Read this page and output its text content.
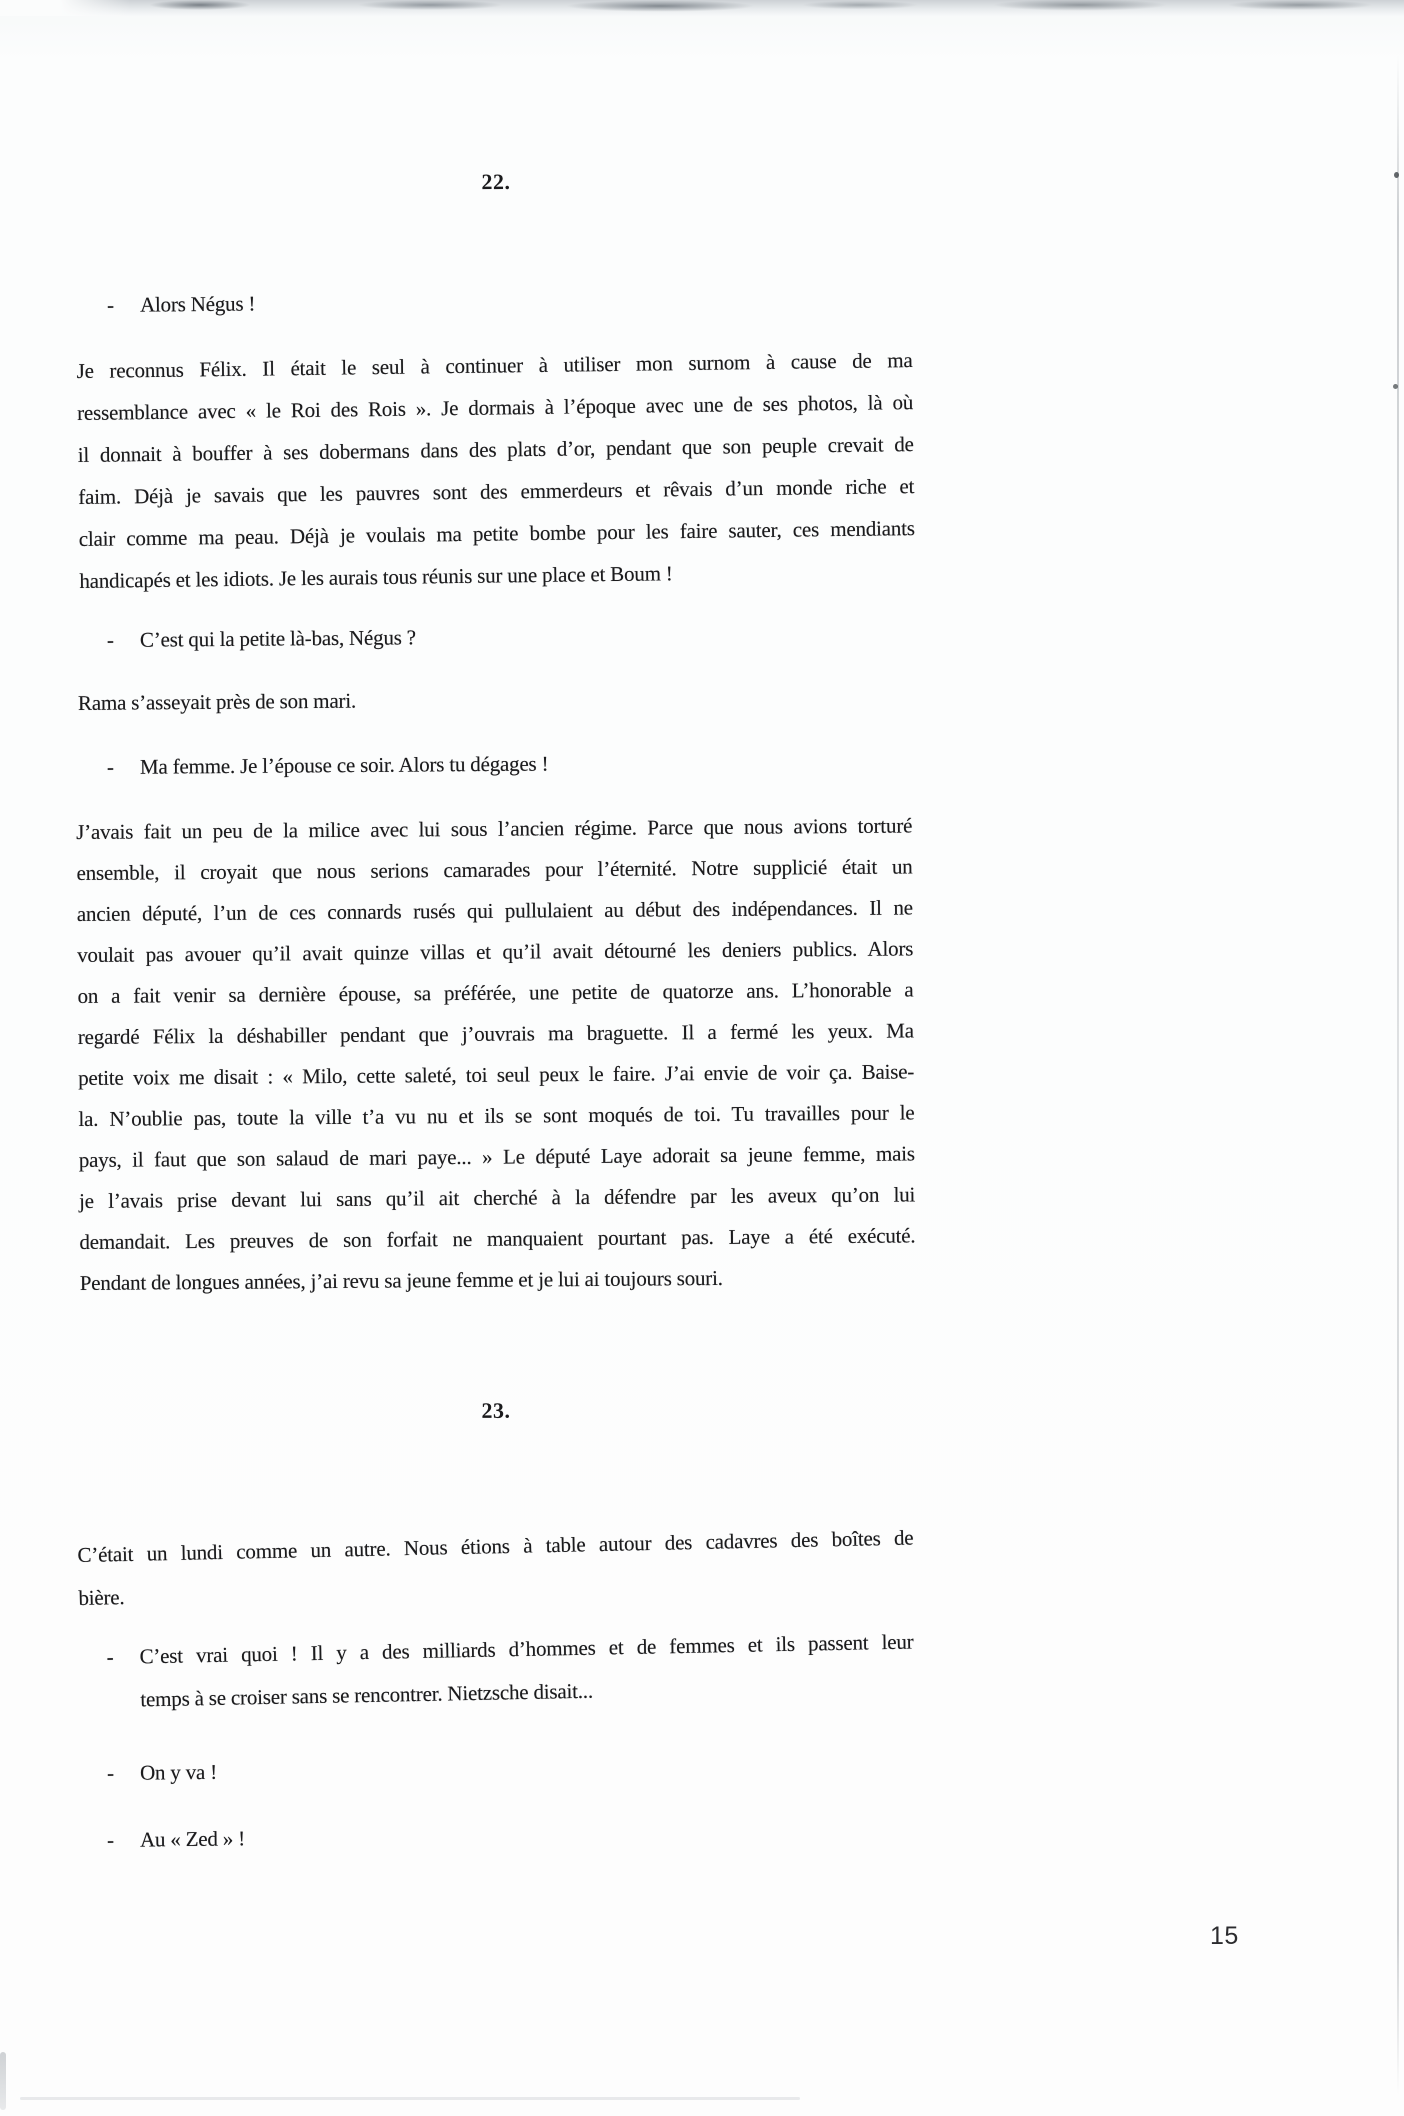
22.
- Alors Négus !
Je reconnus Félix. Il était le seul à continuer à utiliser mon surnom à cause de ma
ressemblance avec « le Roi des Rois ». Je dormais à l’époque avec une de ses photos, là où
il donnait à bouffer à ses dobermans dans des plats d’or, pendant que son peuple crevait de
faim. Déjà je savais que les pauvres sont des emmerdeurs et rêvais d’un monde riche et
clair comme ma peau. Déjà je voulais ma petite bombe pour les faire sauter, ces mendiants
handicapés et les idiots. Je les aurais tous réunis sur une place et Boum !
- C’est qui la petite là-bas, Négus ?
Rama s’asseyait près de son mari.
- Ma femme. Je l’épouse ce soir. Alors tu dégages !
J’avais fait un peu de la milice avec lui sous l’ancien régime. Parce que nous avions torturé
ensemble, il croyait que nous serions camarades pour l’éternité. Notre supplicié était un
ancien député, l’un de ces connards rusés qui pullulaient au début des indépendances. Il ne
voulait pas avouer qu’il avait quinze villas et qu’il avait détourné les deniers publics. Alors
on a fait venir sa dernière épouse, sa préférée, une petite de quatorze ans. L’honorable a
regardé Félix la déshabiller pendant que j’ouvrais ma braguette. Il a fermé les yeux. Ma
petite voix me disait : « Milo, cette saleté, toi seul peux le faire. J’ai envie de voir ça. Baise-
la. N’oublie pas, toute la ville t’a vu nu et ils se sont moqués de toi. Tu travailles pour le
pays, il faut que son salaud de mari paye... » Le député Laye adorait sa jeune femme, mais
je l’avais prise devant lui sans qu’il ait cherché à la défendre par les aveux qu’on lui
demandait. Les preuves de son forfait ne manquaient pourtant pas. Laye a été exécuté.
Pendant de longues années, j’ai revu sa jeune femme et je lui ai toujours souri.
23.
C’était un lundi comme un autre. Nous étions à table autour des cadavres des boîtes de
bière.
- C’est vrai quoi ! Il y a des milliards d’hommes et de femmes et ils passent leur
temps à se croiser sans se rencontrer. Nietzsche disait...
- On y va !
- Au « Zed » !
15
